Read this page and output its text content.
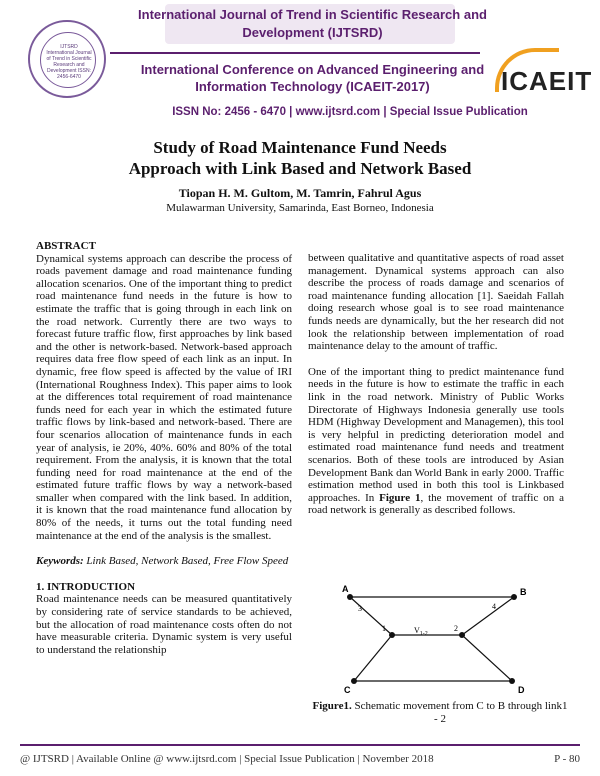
IJTSRD International Journal of Trend in Scientific Research and Development ISSN: 2456-6470
International Journal of Trend in Scientific Research and Development (IJTSRD)
International Conference on Advanced Engineering and Information Technology (ICAEIT-2017)	ICAEIT
ISSN No: 2456 - 6470 | www.ijtsrd.com | Special Issue Publication
Study of Road Maintenance Fund Needs
Approach with Link Based and Network Based
Tiopan H. M. Gultom, M. Tamrin, Fahrul Agus
Mulawarman University, Samarinda, East Borneo, Indonesia

ABSTRACT

Dynamical systems approach can describe the process of roads pavement damage and road maintenance funding allocation scenarios. One of the important thing to predict road maintenance fund needs in the future is how to estimate the traffic that is going through in each link on the road network. Currently there are two ways to forecast future traffic flow, first approaches by link based and the other is network-based. Network-based approach requires data free flow speed of each link as an input. In dynamic, free flow speed is affected by the value of IRI (International Roughness Index). This paper aims to look at the differences total requirement of road maintenance funds need for each year in which the estimated future traffic flows by link-based and network-based. There are four scenarios allocation of maintenance funds in each year of analysis, ie 20%, 40%. 60% and 80% of the total requirement. From the analysis, it is known that the total funding need for road maintenance at the end of the estimated future traffic flows by way a network-based smaller when compared with the link based. In addition, it is known that the road maintenance fund allocation by 80% of the needs, it turns out the total funding need maintenance at the end of the analysis is the smallest.

Keywords: Link Based, Network Based, Free Flow Speed

1. INTRODUCTION

Road maintenance needs can be measured quantitatively by considering rate of service standards to be achieved, but the allocation of road maintenance costs often do not have measurable criteria. Dynamic system is very useful to understand the relationship

between qualitative and quantitative aspects of road asset management. Dynamical systems approach can also describe the process of roads damage and scenarios of road maintenance funding allocation [1]. Saeidah Fallah doing research whose goal is to see road maintenance funds needs are dynamically, but the her research did not look the relationship between implementation of road maintenance delay to the amount of traffic.

One of the important thing to predict maintenance fund needs in the future is how to estimate the traffic in each link in the road network. Ministry of Public Works Directorate of Highways Indonesia generally use tools HDM (Highway Development and Managemen), this tool is very helpful in predicting deterioration model and estimated road maintenance fund needs and treatment scenarios. Both of these tools are introduced by Asian Development Bank dan World Bank in early 2000. Traffic estimation method used in both this tool is Linkbased approaches. In Figure 1, the movement of traffic on a road network is generally as described follows.

A	B
C	D
1	2
3	4
$V_{1-2}$
Figure1. Schematic movement from C to B through link1 - 2
@ IJTSRD | Available Online @ www.ijtsrd.com | Special Issue Publication | November 2018	P - 80
